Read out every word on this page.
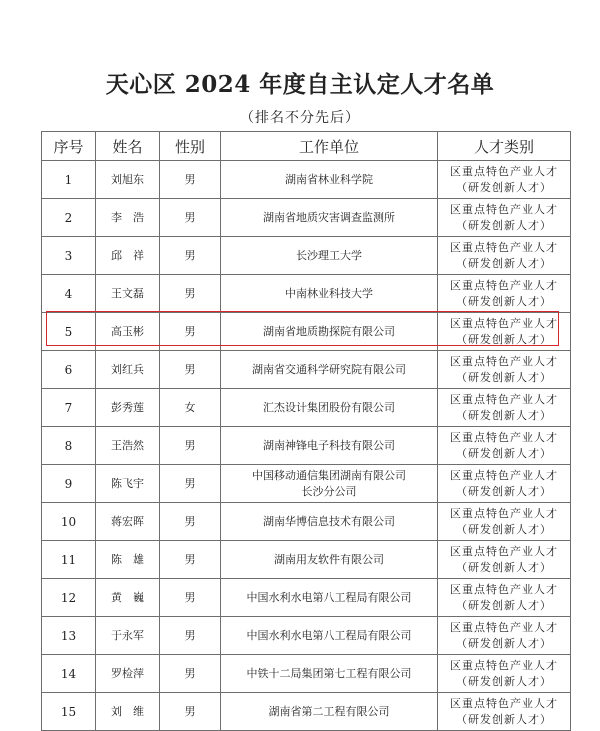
天心区 2024 年度自主认定人才名单
（排名不分先后）
序号	姓名	性别	工作单位	人才类别
1	刘旭东	男	湖南省林业科学院	区重点特色产业人才
（研发创新人才）

2	李　浩	男	湖南省地质灾害调查监测所	区重点特色产业人才
（研发创新人才）

3	邱　祥	男	长沙理工大学	区重点特色产业人才
（研发创新人才）

4	王文磊	男	中南林业科技大学	区重点特色产业人才
（研发创新人才）

5	高玉彬	男	湖南省地质勘探院有限公司	区重点特色产业人才
（研发创新人才）

6	刘红兵	男	湖南省交通科学研究院有限公司	区重点特色产业人才
（研发创新人才）

7	彭秀莲	女	汇杰设计集团股份有限公司	区重点特色产业人才
（研发创新人才）

8	王浩然	男	湖南神锋电子科技有限公司	区重点特色产业人才
（研发创新人才）

9	陈飞宇	男	中国移动通信集团湖南有限公司
长沙分公司	区重点特色产业人才
（研发创新人才）

10	蒋宏晖	男	湖南华博信息技术有限公司	区重点特色产业人才
（研发创新人才）

11	陈　雄	男	湖南用友软件有限公司	区重点特色产业人才
（研发创新人才）

12	黄　巍	男	中国水利水电第八工程局有限公司	区重点特色产业人才
（研发创新人才）

13	于永军	男	中国水利水电第八工程局有限公司	区重点特色产业人才
（研发创新人才）

14	罗检萍	男	中铁十二局集团第七工程有限公司	区重点特色产业人才
（研发创新人才）

15	刘　维	男	湖南省第二工程有限公司	区重点特色产业人才
（研发创新人才）
